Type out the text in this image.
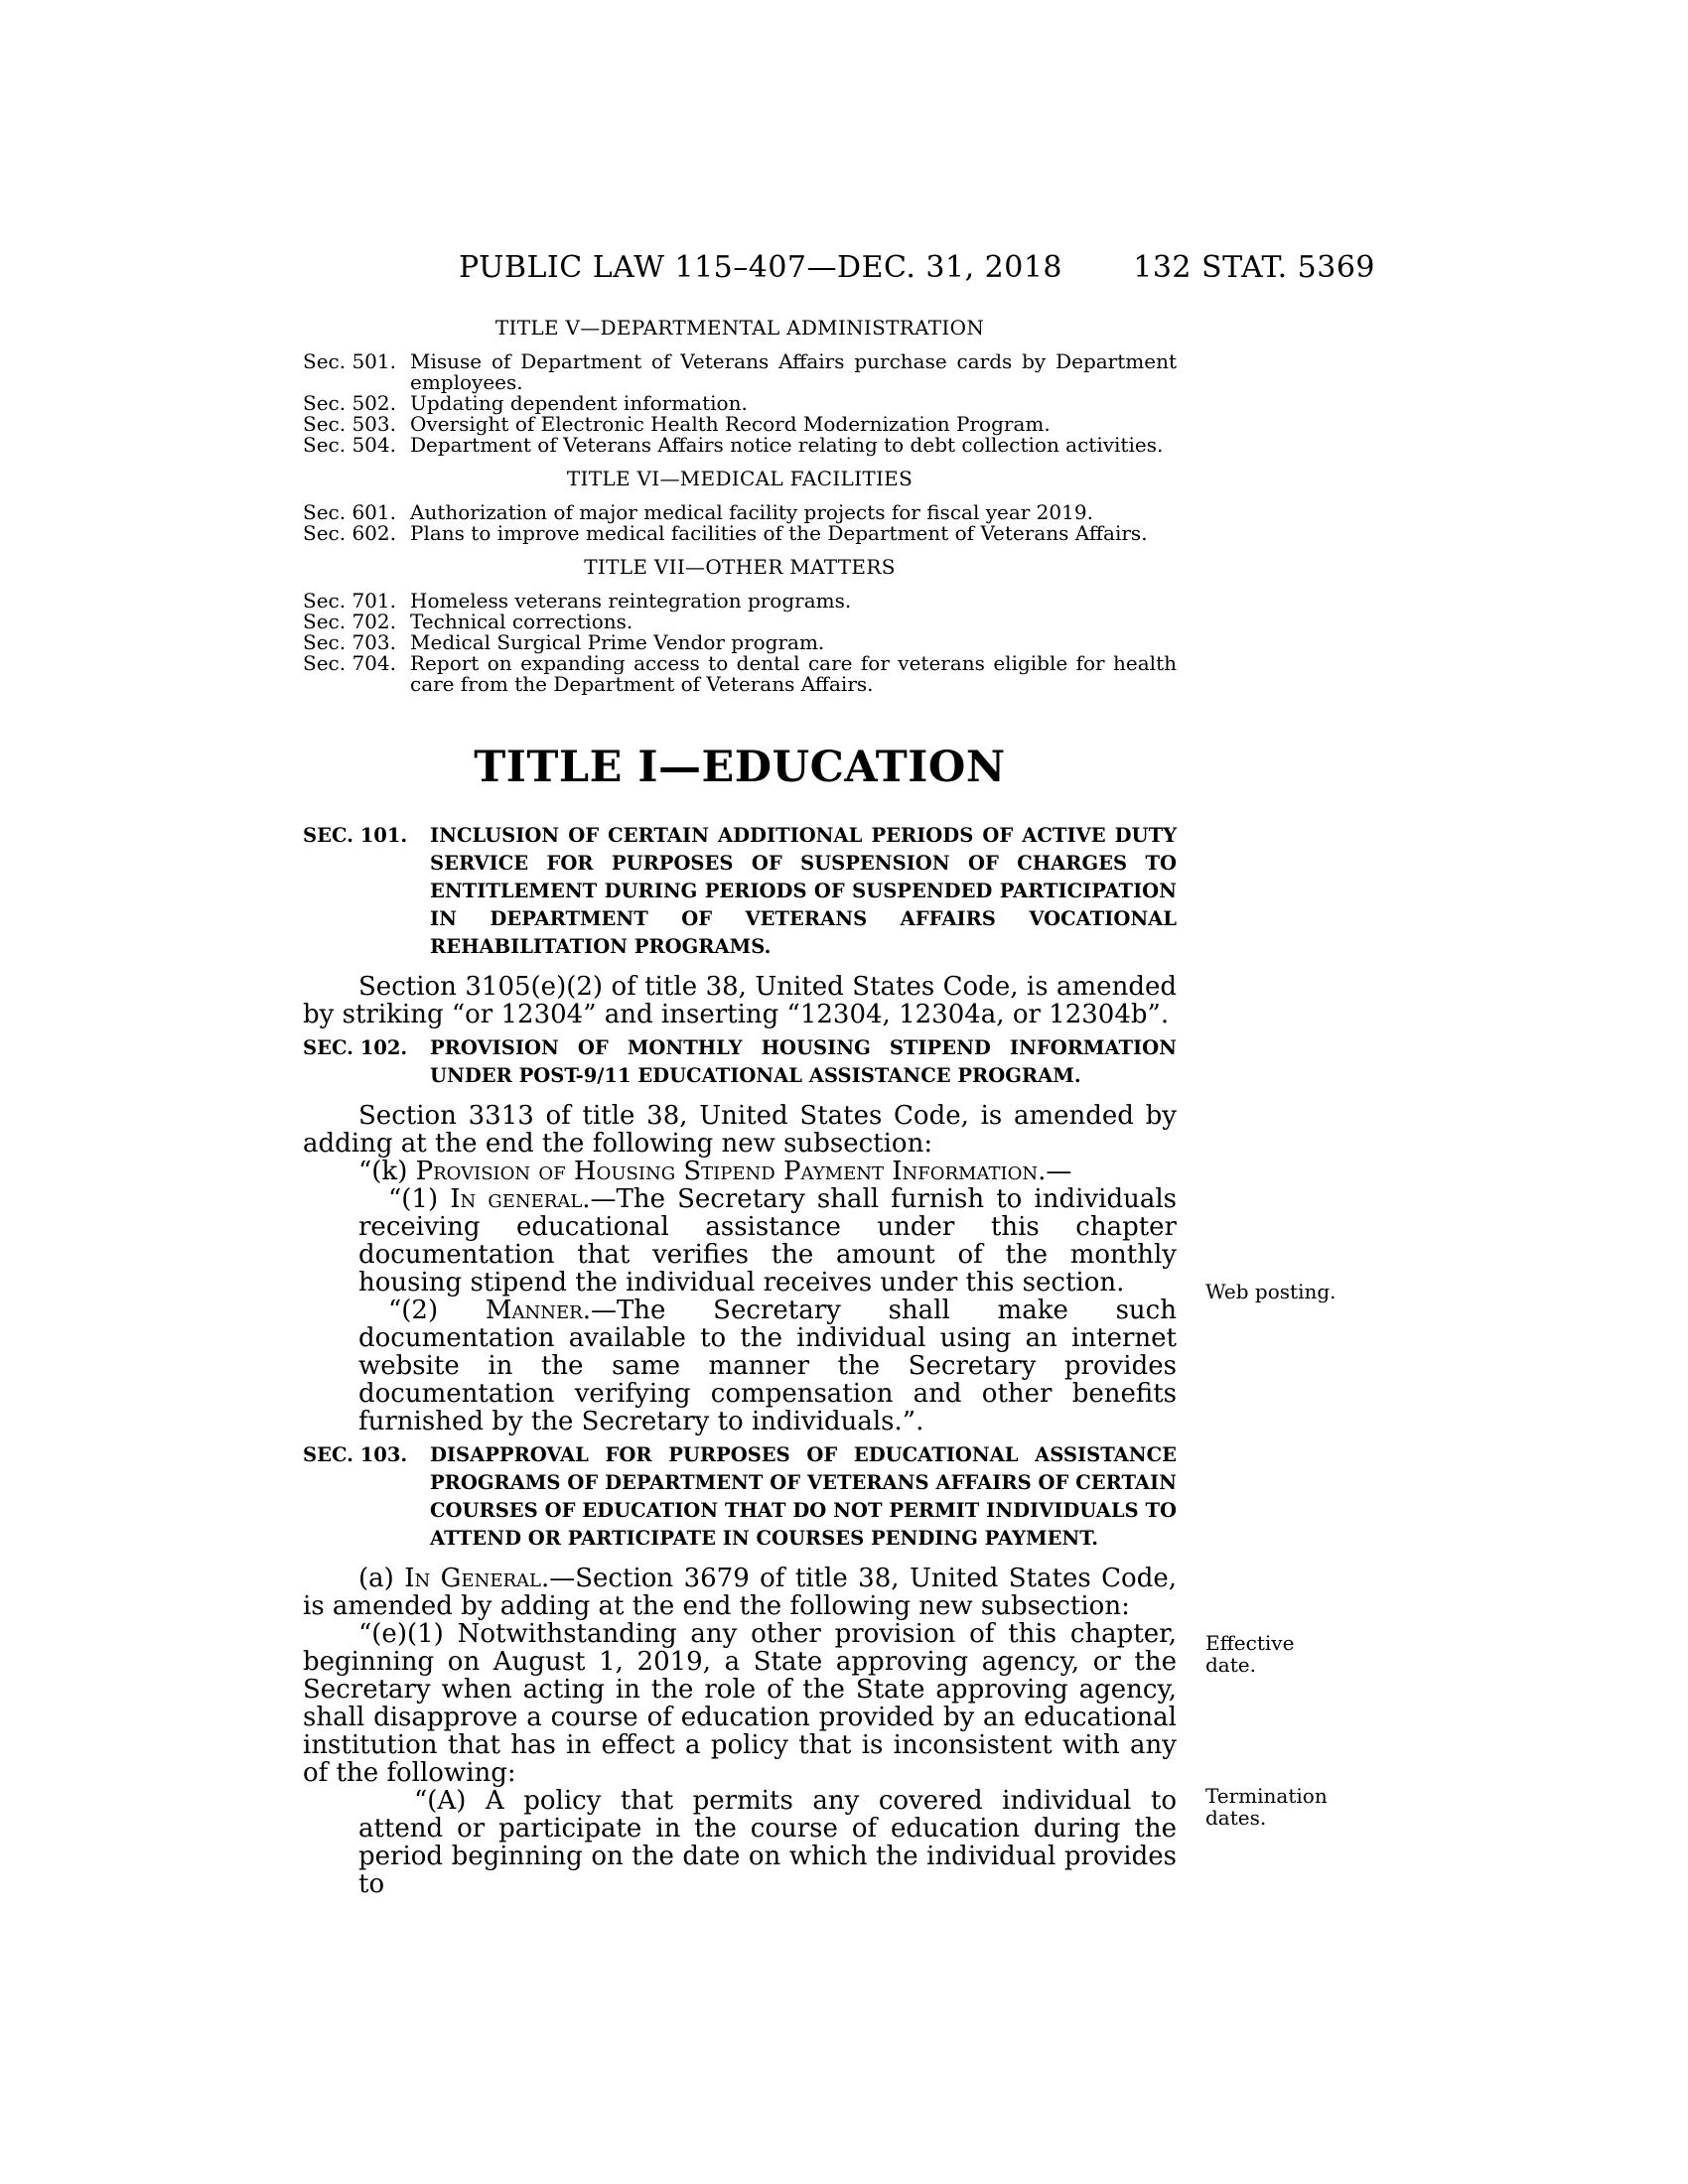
PUBLIC LAW 115–407—DEC. 31, 2018 132 STAT. 5369
TITLE V—DEPARTMENTAL ADMINISTRATION
Sec. 501. Misuse of Department of Veterans Affairs purchase cards by Department employees.
Sec. 502. Updating dependent information.
Sec. 503. Oversight of Electronic Health Record Modernization Program.
Sec. 504. Department of Veterans Affairs notice relating to debt collection activities.
TITLE VI—MEDICAL FACILITIES
Sec. 601. Authorization of major medical facility projects for fiscal year 2019.
Sec. 602. Plans to improve medical facilities of the Department of Veterans Affairs.
TITLE VII—OTHER MATTERS
Sec. 701. Homeless veterans reintegration programs.
Sec. 702. Technical corrections.
Sec. 703. Medical Surgical Prime Vendor program.
Sec. 704. Report on expanding access to dental care for veterans eligible for health care from the Department of Veterans Affairs.
TITLE I—EDUCATION

SEC. 101. INCLUSION OF CERTAIN ADDITIONAL PERIODS OF ACTIVE DUTY SERVICE FOR PURPOSES OF SUSPENSION OF CHARGES TO ENTITLEMENT DURING PERIODS OF SUSPENDED PARTICIPATION IN DEPARTMENT OF VETERANS AFFAIRS VOCATIONAL REHABILITATION PROGRAMS.

Section 3105(e)(2) of title 38, United States Code, is amended by striking “or 12304” and inserting “12304, 12304a, or 12304b”.

SEC. 102. PROVISION OF MONTHLY HOUSING STIPEND INFORMATION UNDER POST-9/11 EDUCATIONAL ASSISTANCE PROGRAM.

Section 3313 of title 38, United States Code, is amended by adding at the end the following new subsection:

“(k) Provision of Housing Stipend Payment Information.—

“(1) In general.—The Secretary shall furnish to individuals receiving educational assistance under this chapter documentation that verifies the amount of the monthly housing stipend the individual receives under this section.

“(2) Manner.—The Secretary shall make such documentation available to the individual using an internet website in the same manner the Secretary provides documentation verifying compensation and other benefits furnished by the Secretary to individuals.”.

SEC. 103. DISAPPROVAL FOR PURPOSES OF EDUCATIONAL ASSISTANCE PROGRAMS OF DEPARTMENT OF VETERANS AFFAIRS OF CERTAIN COURSES OF EDUCATION THAT DO NOT PERMIT INDIVIDUALS TO ATTEND OR PARTICIPATE IN COURSES PENDING PAYMENT.

(a) In General.—Section 3679 of title 38, United States Code, is amended by adding at the end the following new subsection:

“(e)(1) Notwithstanding any other provision of this chapter, beginning on August 1, 2019, a State approving agency, or the Secretary when acting in the role of the State approving agency, shall disapprove a course of education provided by an educational institution that has in effect a policy that is inconsistent with any of the following:

“(A) A policy that permits any covered individual to attend or participate in the course of education during the period beginning on the date on which the individual provides to

Web posting.
Effective date.
Termination dates.
